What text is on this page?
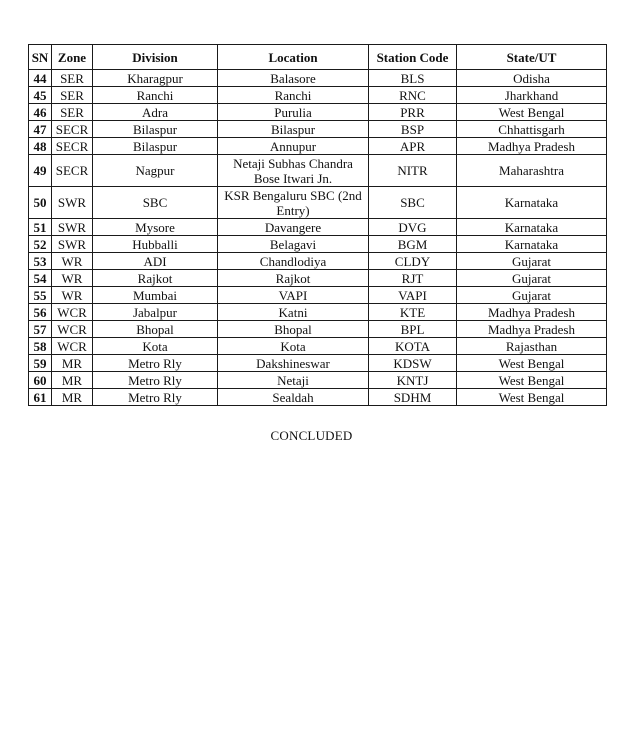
SN	Zone	Division	Location	Station Code	State/UT
44	SER	Kharagpur	Balasore	BLS	Odisha
45	SER	Ranchi	Ranchi	RNC	Jharkhand
46	SER	Adra	Purulia	PRR	West Bengal
47	SECR	Bilaspur	Bilaspur	BSP	Chhattisgarh
48	SECR	Bilaspur	Annupur	APR	Madhya Pradesh
49	SECR	Nagpur	Netaji Subhas Chandra Bose Itwari Jn.	NITR	Maharashtra
50	SWR	SBC	KSR Bengaluru SBC (2nd Entry)	SBC	Karnataka
51	SWR	Mysore	Davangere	DVG	Karnataka
52	SWR	Hubballi	Belagavi	BGM	Karnataka
53	WR	ADI	Chandlodiya	CLDY	Gujarat
54	WR	Rajkot	Rajkot	RJT	Gujarat
55	WR	Mumbai	VAPI	VAPI	Gujarat
56	WCR	Jabalpur	Katni	KTE	Madhya Pradesh
57	WCR	Bhopal	Bhopal	BPL	Madhya Pradesh
58	WCR	Kota	Kota	KOTA	Rajasthan
59	MR	Metro Rly	Dakshineswar	KDSW	West Bengal
60	MR	Metro Rly	Netaji	KNTJ	West Bengal
61	MR	Metro Rly	Sealdah	SDHM	West Bengal
CONCLUDED
